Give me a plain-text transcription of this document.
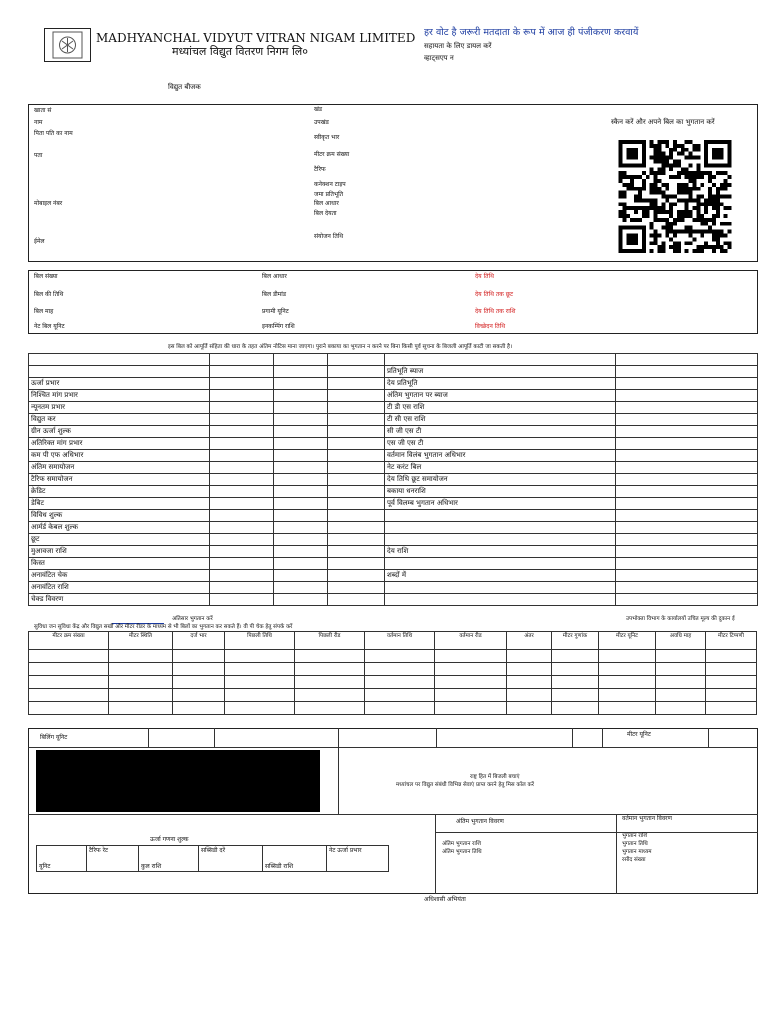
MADHYANCHAL VIDYUT VITRAN NIGAM LIMITED
मध्यांचल विद्युत वितरण निगम लि०
हर वोट है जरूरी मतदाता के रूप में आज ही पंजीकरण करवायें
सहायता के लिए डायल करें
व्हाट्सएप न
विद्युत बीजक
खाता सं
नाम
पिता पति का नाम
पता
मोबाइल नंबर
ईमेल
खंड
उपखंड
स्वीकृत भार
मीटर क्रम संख्या
टैरिफ
कनेक्शन टाइप
जमा प्रतिभूति
बिल आधार
बिल देयता
संयोजन तिथि
स्कैन करें और अपने बिल का भुगतान करें
बिल संख्या
बिल की तिथि
बिल माह
नेट बिल यूनिट
बिल आधार
बिल डीमांड
प्रगामी यूनिट
इनकम्पिंग राशि
देय तिथि
देय तिथि तक छूट
देय तिथि तक राशि
विच्छेदन तिथि
इस बिल को आपूर्ति संहिता की धारा के तहत अंतिम नोटिस माना जाएगा। पुराने बकाया का भुगतान न करने पर बिना किसी पूर्व सूचना के बिजली आपूर्ति काटी जा सकती है।

				प्रतिभूति ब्याज	
ऊर्जा प्रभार				देय प्रतिभूति	
निश्चित मांग प्रभार				अंतिम भुगतान पर ब्याज	
न्यूनतम प्रभार				टी डी एस राशि	
विद्युत कर				टी सी एस राशि	
ग्रीन ऊर्जा शुल्क				सी जी एस टी	
अतिरिक्त मांग प्रभार				एस जी एस टी	
कम पी एफ अधिभार				वर्तमान विलंब भुगतान अधिभार	
अंतिम समायोजन				नेट करंट बिल	
टैरिफ समायोजन				देय तिथि छूट समायोजन	
क्रेडिट				बकाया धनराशि	
डेबिट				पूर्व विलम्ब भुगतान अधिभार	
विविध शुल्क					
आर्मर्ड केबल शुल्क					
छूट					
मुआवजा राशि				देय राशि	
किस्त					
अनावंटित चेक				शब्दों में	
अनावंटित राशि					
चेक्ड विवरण					
अतिसार भुगतान करें	उपभोक्ता विभाग के कार्यालयों उचित मूल्य की दुकान ई
सुविधा जन सुविधा केंद्र और विद्युत सखी और मीटर रीडर के माध्यम से भी बिलों का भुगतान कर सकते हैं। वी पी चेक हेतु संपर्क करें
मीटर क्रम संख्या	मीटर स्थिति	दर्ज भार	पिछली तिथि	पिछली रीड	वर्तमान तिथि	वर्तमान रीड	अंतर	मीटर गुणांक	मीटर यूनिट	अवधि माह	मीटर टिप्पणी

बिलिंग यूनिट	मीटर यूनिट
राष्ट्र हित में बिजली बचाएं
मध्यांचल पर विद्युत संबंधी विभिन्न सेवाएं प्राप्त करने हेतु मिस कॉल करें
अंतिम भुगतान विवरण
अंतिम भुगतान राशि
अंतिम भुगतान तिथि
वर्तमान भुगतान विवरण
भुगतान राशि
भुगतान तिथि
भुगतान माध्यम
रसीद संख्या
ऊर्जा गणना शुल्क
यूनिट	टैरिफ रेट	कुल राशि	सब्सिडी दरें	सब्सिडी राशि	नेट ऊर्जा प्रभार
अधिशासी अभियंता
